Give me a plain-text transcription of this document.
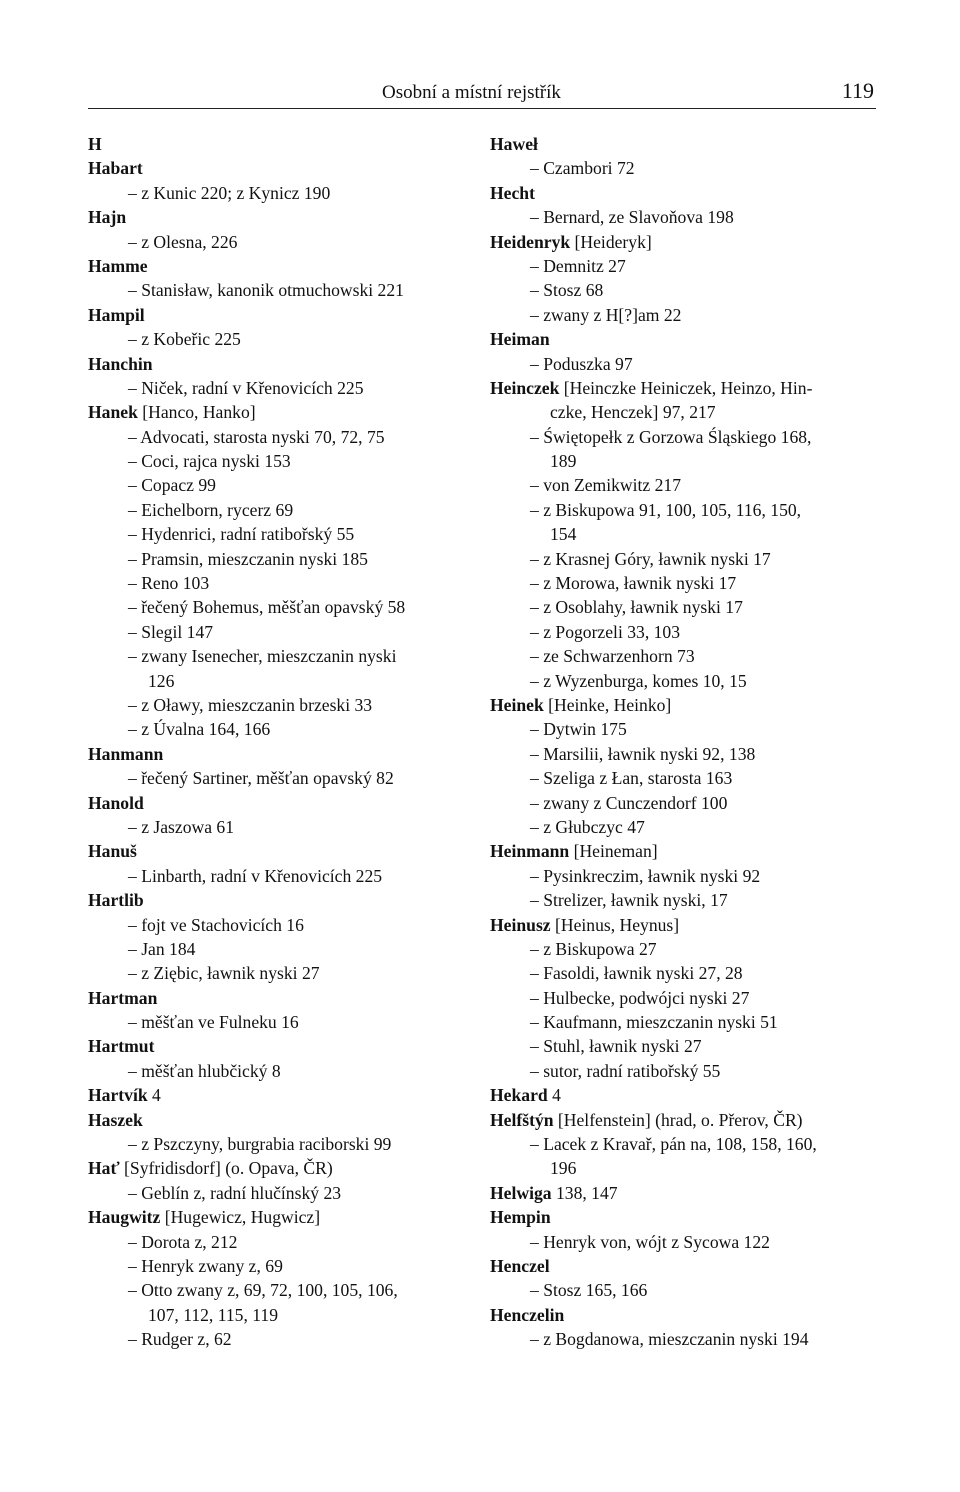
Osobní a místní rejstřík	119
H
Habart
– z Kunic 220; z Kynicz 190
Hajn
– z Olesna, 226
Hamme
– Stanisław, kanonik otmuchowski 221
Hampil
– z Kobeřic 225
Hanchin
– Niček, radní v Křenovicích 225
Hanek [Hanco, Hanko]
– Advocati, starosta nyski 70, 72, 75
– Coci, rajca nyski 153
– Copacz 99
– Eichelborn, rycerz 69
– Hydenrici, radní ratibořský 55
– Pramsin, mieszczanin nyski 185
– Reno 103
– řečený Bohemus, měšťan opavský 58
– Slegil 147
– zwany Isenecher, mieszczanin nyski
126
– z Oławy, mieszczanin brzeski 33
– z Úvalna 164, 166
Hanmann
– řečený Sartiner, měšťan opavský 82
Hanold
– z Jaszowa 61
Hanuš
– Linbarth, radní v Křenovicích 225
Hartlib
– fojt ve Stachovicích 16
– Jan 184
– z Ziębic, ławnik nyski 27
Hartman
– měšťan ve Fulneku 16
Hartmut
– měšťan hlubčický 8
Hartvík 4
Haszek
– z Pszczyny, burgrabia raciborski 99
Hať [Syfridisdorf] (o. Opava, ČR)
– Geblín z, radní hlučínský 23
Haugwitz [Hugewicz, Hugwicz]
– Dorota z, 212
– Henryk zwany z, 69
– Otto zwany z, 69, 72, 100, 105, 106,
107, 112, 115, 119
– Rudger z, 62
Haweł
– Czambori 72
Hecht
– Bernard, ze Slavoňova 198
Heidenryk [Heideryk]
– Demnitz 27
– Stosz 68
– zwany z H[?]am 22
Heiman
– Poduszka 97
Heinczek [Heinczke Heiniczek, Heinzo, Hin-
czke, Henczek] 97, 217
– Świętopełk z Gorzowa Śląskiego 168,
189
– von Zemikwitz 217
– z Biskupowa 91, 100, 105, 116, 150,
154
– z Krasnej Góry, ławnik nyski 17
– z Morowa, ławnik nyski 17
– z Osoblahy, ławnik nyski 17
– z Pogorzeli 33, 103
– ze Schwarzenhorn 73
– z Wyzenburga, komes 10, 15
Heinek [Heinke, Heinko]
– Dytwin 175
– Marsilii, ławnik nyski 92, 138
– Szeliga z Łan, starosta 163
– zwany z Cunczendorf 100
– z Głubczyc 47
Heinmann [Heineman]
– Pysinkreczim, ławnik nyski 92
– Strelizer, ławnik nyski, 17
Heinusz [Heinus, Heynus]
– z Biskupowa 27
– Fasoldi, ławnik nyski 27, 28
– Hulbecke, podwójci nyski 27
– Kaufmann, mieszczanin nyski 51
– Stuhl, ławnik nyski 27
– sutor, radní ratibořský 55
Hekard 4
Helfštýn [Helfenstein] (hrad, o. Přerov, ČR)
– Lacek z Kravař, pán na, 108, 158, 160,
196
Helwiga 138, 147
Hempin
– Henryk von, wójt z Sycowa 122
Henczel
– Stosz 165, 166
Henczelin
– z Bogdanowa, mieszczanin nyski 194
